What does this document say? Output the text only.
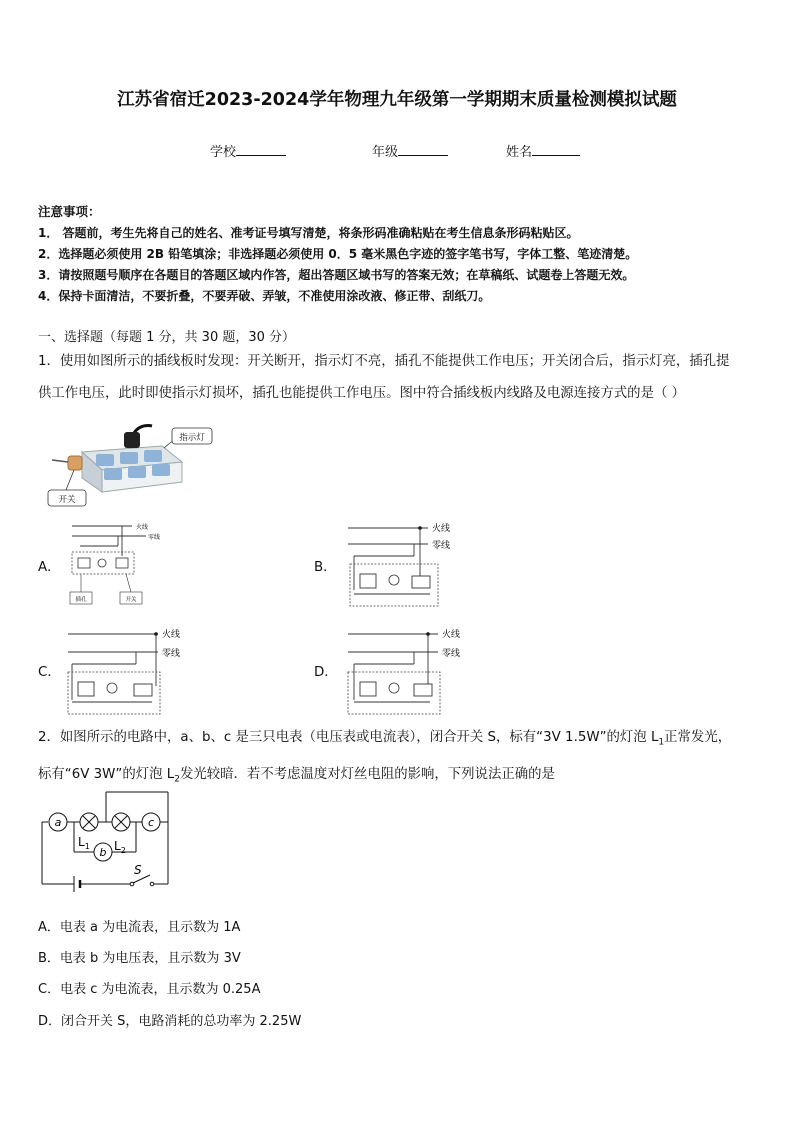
江苏省宿迁2023-2024学年物理九年级第一学期期末质量检测模拟试题
学校	年级	姓名
注意事项：
1． 答题前，考生先将自己的姓名、准考证号填写清楚，将条形码准确粘贴在考生信息条形码粘贴区。
2．选择题必须使用 2B 铅笔填涂；非选择题必须使用 0．5 毫米黑色字迹的签字笔书写，字体工整、笔迹清楚。
3．请按照题号顺序在各题目的答题区域内作答，超出答题区域书写的答案无效；在草稿纸、试题卷上答题无效。
4．保持卡面清洁，不要折叠，不要弄破、弄皱，不准使用涂改液、修正带、刮纸刀。
一、选择题（每题 1 分，共 30 题，30 分）
1．使用如图所示的插线板时发现：开关断开，指示灯不亮，插孔不能提供工作电压；开关闭合后，指示灯亮，插孔提
供工作电压，此时即使指示灯损坏，插孔也能提供工作电压。图中符合插线板内线路及电源连接方式的是（ ）
指示灯
开关
A．
火线
零线
插孔	开关
B．
火线
零线
C．
火线
零线
D．
火线
零线
2．如图所示的电路中，a、b、c 是三只电表（电压表或电流表），闭合开关 S，标有“3V 1.5W”的灯泡 $L_1$正常发光，
标有“6V 3W”的灯泡 $L_2$发光较暗．若不考虑温度对灯丝电阻的影响，下列说法正确的是
S
a	c
b
$L_1$ $L_2$
A．电表 a 为电流表，且示数为 1A
B．电表 b 为电压表，且示数为 3V
C．电表 c 为电流表，且示数为 0.25A
D．闭合开关 S，电路消耗的总功率为 2.25W
